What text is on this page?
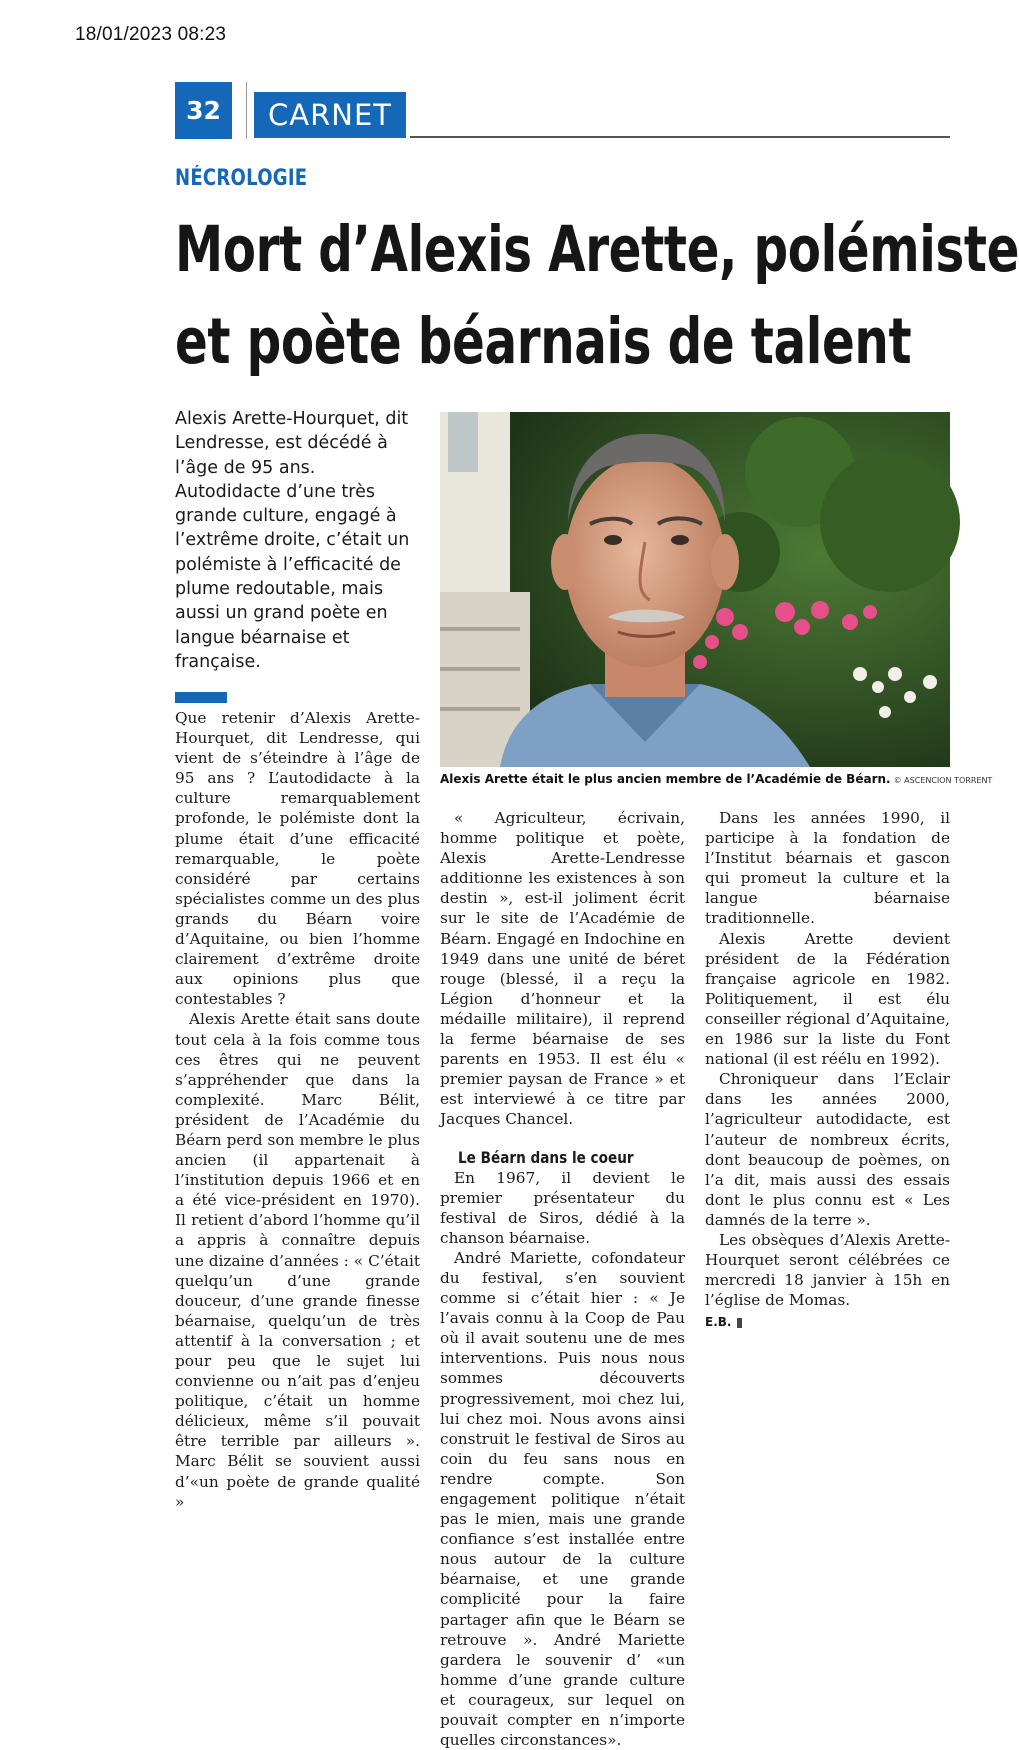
18/01/2023 08:23
32	CARNET
NÉCROLOGIE
Mort d’Alexis Arette, polémiste
et poète béarnais de talent
Alexis Arette-Hourquet, dit Lendresse, est décédé à l’âge de 95 ans. Autodidacte d’une très grande culture, engagé à l’extrême droite, c’était un polémiste à l’efficacité de plume redoutable, mais aussi un grand poète en langue béarnaise et française.
Alexis Arette était le plus ancien membre de l’Académie de Béarn. © ASCENCION TORRENT

Que retenir d’Alexis Arette-Hourquet, dit Lendresse, qui vient de s’éteindre à l’âge de 95 ans ? L’autodidacte à la culture remarquablement profonde, le polémiste dont la plume était d’une efficacité remarquable, le poète considéré par certains spécialistes comme un des plus grands du Béarn voire d’Aquitaine, ou bien l’homme clairement d’extrême droite aux opinions plus que contestables ?

Alexis Arette était sans doute tout cela à la fois comme tous ces êtres qui ne peuvent s’appréhender que dans la complexité. Marc Bélit, président de l’Académie du Béarn perd son membre le plus ancien (il appartenait à l’institution depuis 1966 et en a été vice-président en 1970). Il retient d’abord l’homme qu’il a appris à connaître depuis une dizaine d’années : « C’était quelqu’un d’une grande douceur, d’une grande finesse béarnaise, quelqu’un de très attentif à la conversation ; et pour peu que le sujet lui convienne ou n’ait pas d’enjeu politique, c’était un homme délicieux, même s’il pouvait être terrible par ailleurs ». Marc Bélit se souvient aussi d’«un poète de grande qualité »

« Agriculteur, écrivain, homme politique et poète, Alexis Arette-Lendresse additionne les existences à son destin », est-il joliment écrit sur le site de l’Académie de Béarn. Engagé en Indochine en 1949 dans une unité de béret rouge (blessé, il a reçu la Légion d’honneur et la médaille militaire), il reprend la ferme béarnaise de ses parents en 1953. Il est élu « premier paysan de France » et est interviewé à ce titre par Jacques Chancel.

Le Béarn dans le coeur

En 1967, il devient le premier présentateur du festival de Siros, dédié à la chanson béarnaise.

André Mariette, cofondateur du festival, s’en souvient comme si c’était hier : « Je l’avais connu à la Coop de Pau où il avait soutenu une de mes interventions. Puis nous nous sommes découverts progressivement, moi chez lui, lui chez moi. Nous avons ainsi construit le festival de Siros au coin du feu sans nous en rendre compte. Son engagement politique n’était pas le mien, mais une grande confiance s’est installée entre nous autour de la culture béarnaise, et une grande complicité pour la faire partager afin que le Béarn se retrouve ». André Mariette gardera le souvenir d’ «un homme d’une grande culture et courageux, sur lequel on pouvait compter en n’importe quelles circonstances».

Dans les années 1990, il participe à la fondation de l’Institut béarnais et gascon qui promeut la culture et la langue béarnaise traditionnelle.

Alexis Arette devient président de la Fédération française agricole en 1982. Politiquement, il est élu conseiller régional d’Aquitaine, en 1986 sur la liste du Font national (il est réélu en 1992).

Chroniqueur dans l’Eclair dans les années 2000, l’agriculteur autodidacte, est l’auteur de nombreux écrits, dont beaucoup de poèmes, on l’a dit, mais aussi des essais dont le plus connu est « Les damnés de la terre ».

Les obsèques d’Alexis Arette-Hourquet seront célébrées ce mercredi 18 janvier à 15h en l’église de Momas.

E.B.
